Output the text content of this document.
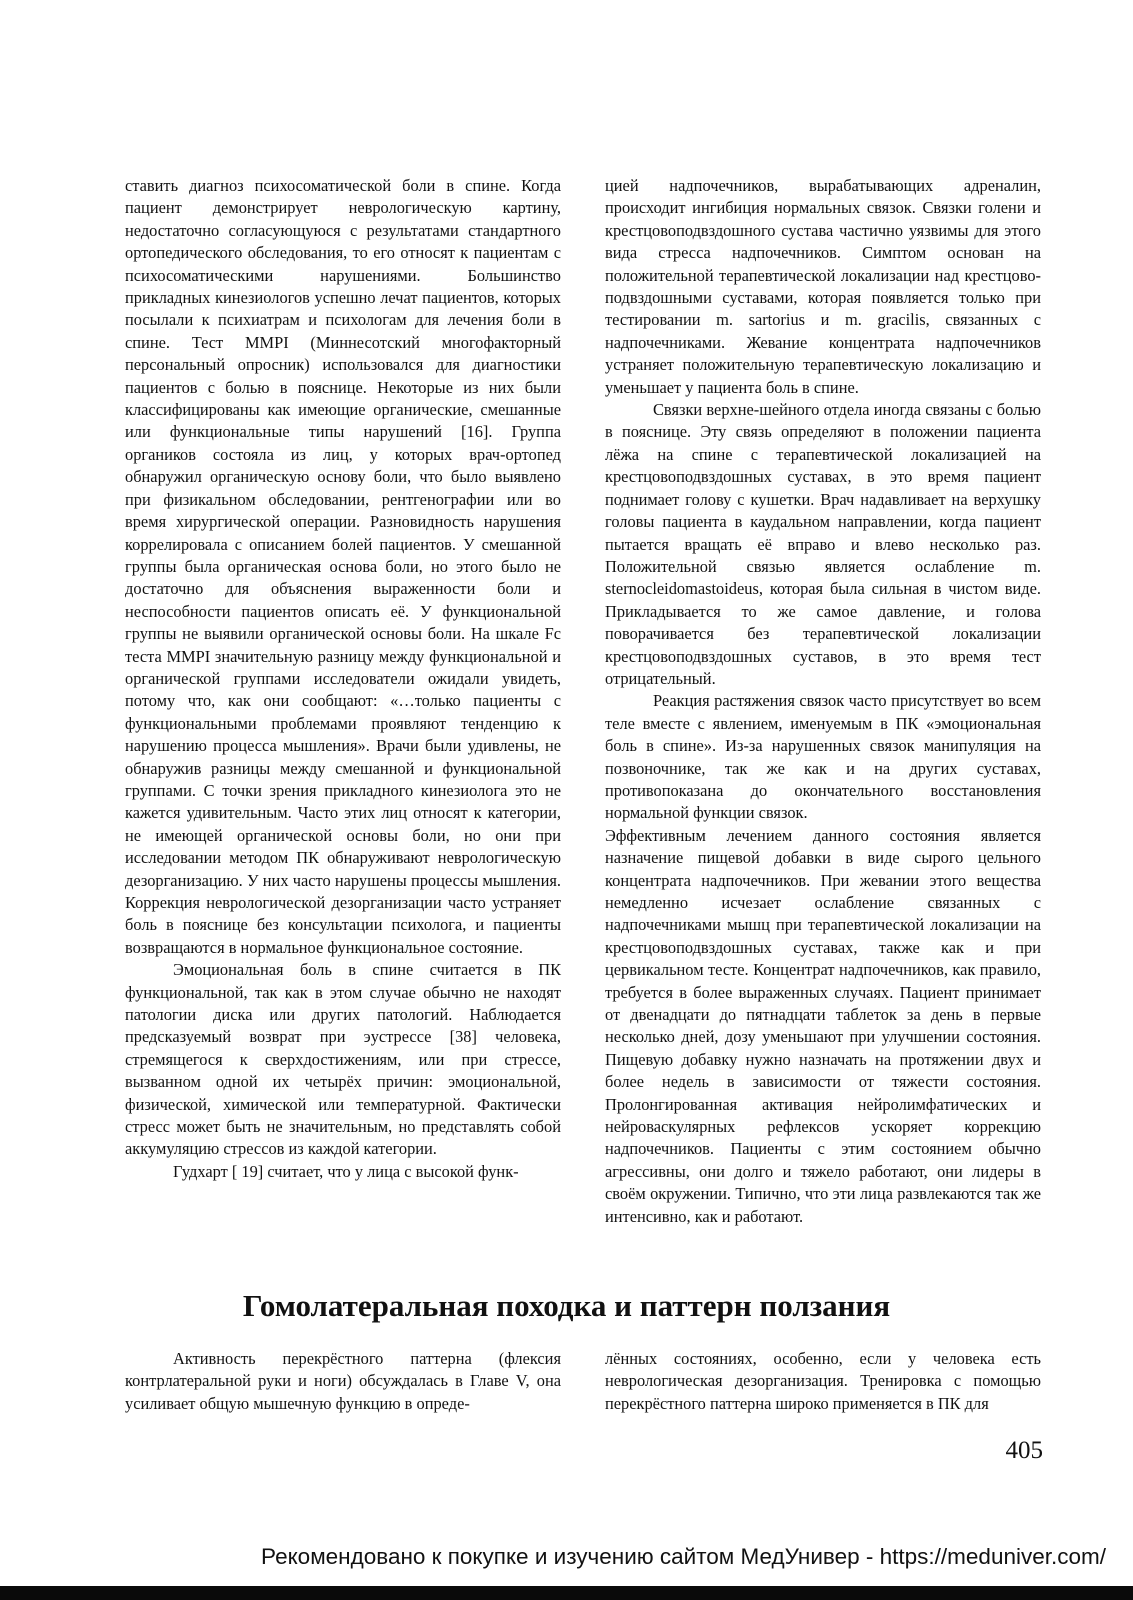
ставить диагноз психосоматической боли в спине. Когда пациент демонстрирует неврологическую картину, недостаточно согласующуюся с результатами стандартного ортопедического обследования, то его относят к пациентам с психосоматическими нарушениями. Большинство прикладных кинезиологов успешно лечат пациентов, которых посылали к психиатрам и психологам для лечения боли в спине. Тест MMPI (Миннесотский многофакторный персональный опросник) использовался для диагностики пациентов с болью в пояснице. Некоторые из них были классифицированы как имеющие органические, смешанные или функциональные типы нарушений [16]. Группа органиков состояла из лиц, у которых врач-ортопед обнаружил органическую основу боли, что было выявлено при физикальном обследовании, рентгенографии или во время хирургической операции. Разновидность нарушения коррелировала с описанием болей пациентов. У смешанной группы была органическая основа боли, но этого было не достаточно для объяснения выраженности боли и неспособности пациентов описать её. У функциональной группы не выявили органической основы боли. На шкале Fc теста MMPI значительную разницу между функциональной и органической группами исследователи ожидали увидеть, потому что, как они сообщают: «…только пациенты с функциональными проблемами проявляют тенденцию к нарушению процесса мышления». Врачи были удивлены, не обнаружив разницы между смешанной и функциональной группами. С точки зрения прикладного кинезиолога это не кажется удивительным. Часто этих лиц относят к категории, не имеющей органической основы боли, но они при исследовании методом ПК обнаруживают неврологическую дезорганизацию. У них часто нарушены процессы мышления. Коррекция неврологической дезорганизации часто устраняет боль в пояснице без консультации психолога, и пациенты возвращаются в нормальное функциональное состояние.

Эмоциональная боль в спине считается в ПК функциональной, так как в этом случае обычно не находят патологии диска или других патологий. Наблюдается предсказуемый возврат при эустрессе [38] человека, стремящегося к сверхдостижениям, или при стрессе, вызванном одной их четырёх причин: эмоциональной, физической, химической или температурной. Фактически стресс может быть не значительным, но представлять собой аккумуляцию стрессов из каждой категории.

Гудхарт [ 19] считает, что у лица с высокой функ-

цией надпочечников, вырабатывающих адреналин, происходит ингибиция нормальных связок. Связки голени и крестцовоподвздошного сустава частично уязвимы для этого вида стресса надпочечников. Симптом основан на положительной терапевтической локализации над крестцово-подвздошными суставами, которая появляется только при тестировании m. sartorius и m. gracilis, связанных с надпочечниками. Жевание концентрата надпочечников устраняет положительную терапевтическую локализацию и уменьшает у пациента боль в спине.

Связки верхне-шейного отдела иногда связаны с болью в пояснице. Эту связь определяют в положении пациента лёжа на спине с терапевтической локализацией на крестцовоподвздошных суставах, в это время пациент поднимает голову с кушетки. Врач надавливает на верхушку головы пациента в каудальном направлении, когда пациент пытается вращать её вправо и влево несколько раз. Положительной связью является ослабление m. sternocleidomastoideus, которая была сильная в чистом виде. Прикладывается то же самое давление, и голова поворачивается без терапевтической локализации крестцовоподвздошных суставов, в это время тест отрицательный.

Реакция растяжения связок часто присутствует во всем теле вместе с явлением, именуемым в ПК «эмоциональная боль в спине». Из-за нарушенных связок манипуляция на позвоночнике, так же как и на других суставах, противопоказана до окончательного восстановления нормальной функции связок.

Эффективным лечением данного состояния является назначение пищевой добавки в виде сырого цельного концентрата надпочечников. При жевании этого вещества немедленно исчезает ослабление связанных с надпочечниками мышц при терапевтической локализации на крестцовоподвздошных суставах, также как и при цервикальном тесте. Концентрат надпочечников, как правило, требуется в более выраженных случаях. Пациент принимает от двенадцати до пятнадцати таблеток за день в первые несколько дней, дозу уменьшают при улучшении состояния. Пищевую добавку нужно назначать на протяжении двух и более недель в зависимости от тяжести состояния. Пролонгированная активация нейролимфатических и нейроваскулярных рефлексов ускоряет коррекцию надпочечников. Пациенты с этим состоянием обычно агрессивны, они долго и тяжело работают, они лидеры в своём окружении. Типично, что эти лица развлекаются так же интенсивно, как и работают.

Гомолатеральная походка и паттерн ползания

Активность перекрёстного паттерна (флексия контрлатеральной руки и ноги) обсуждалась в Главе V, она усиливает общую мышечную функцию в опреде-

лённых состояниях, особенно, если у человека есть неврологическая дезорганизация. Тренировка с помощью перекрёстного паттерна широко применяется в ПК для

405
Рекомендовано к покупке и изучению сайтом МедУнивер - https://meduniver.com/
